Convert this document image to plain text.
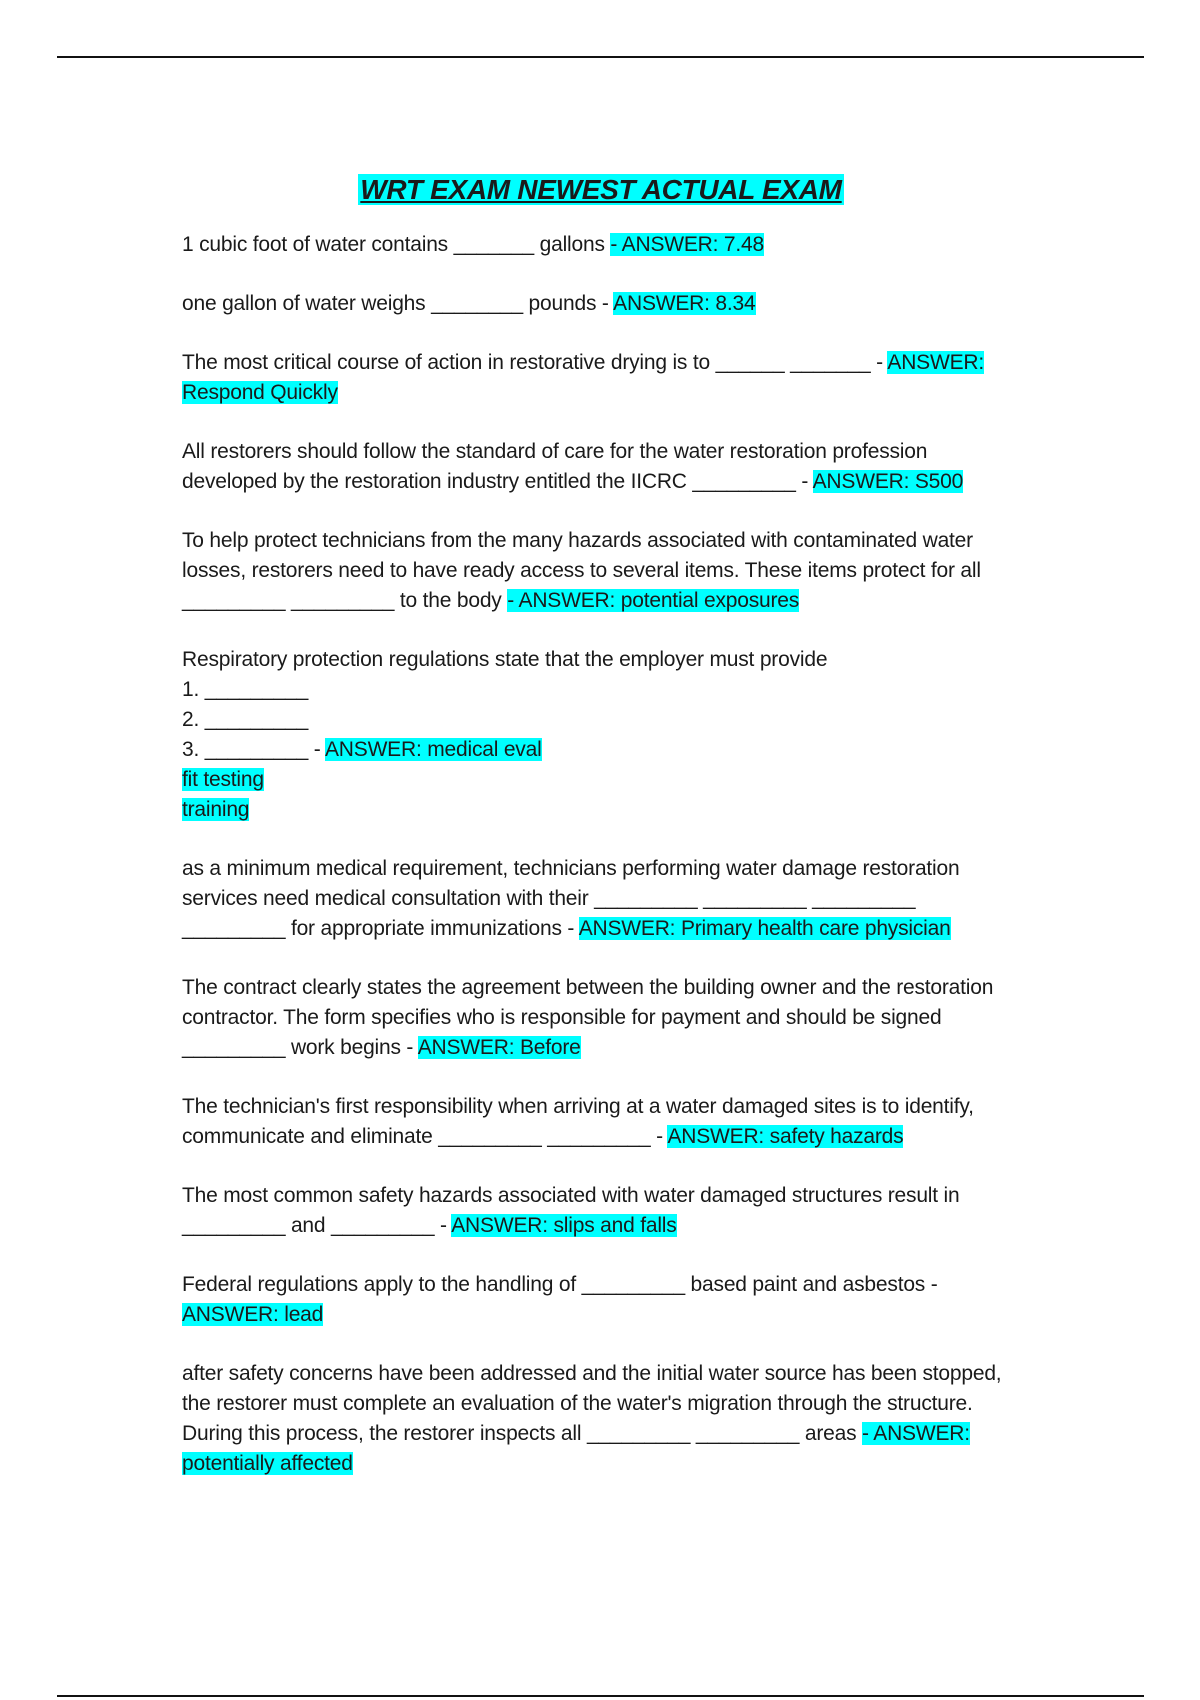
WRT EXAM NEWEST ACTUAL EXAM

1 cubic foot of water contains _______ gallons - ANSWER: 7.48

one gallon of water weighs ________ pounds - ANSWER: 8.34

The most critical course of action in restorative drying is to ______ _______ - ANSWER: Respond Quickly

All restorers should follow the standard of care for the water restoration profession developed by the restoration industry entitled the IICRC _________ - ANSWER: S500

To help protect technicians from the many hazards associated with contaminated water losses, restorers need to have ready access to several items. These items protect for all _________ _________ to the body - ANSWER: potential exposures

Respiratory protection regulations state that the employer must provide
1. _________
2. _________
3. _________ - ANSWER: medical eval
fit testing
training

as a minimum medical requirement, technicians performing water damage restoration services need medical consultation with their _________ _________ _________ _________ for appropriate immunizations - ANSWER: Primary health care physician

The contract clearly states the agreement between the building owner and the restoration contractor. The form specifies who is responsible for payment and should be signed _________ work begins - ANSWER: Before

The technician's first responsibility when arriving at a water damaged sites is to identify, communicate and eliminate _________ _________ - ANSWER: safety hazards

The most common safety hazards associated with water damaged structures result in _________ and _________ - ANSWER: slips and falls

Federal regulations apply to the handling of _________ based paint and asbestos - ANSWER: lead

after safety concerns have been addressed and the initial water source has been stopped, the restorer must complete an evaluation of the water's migration through the structure. During this process, the restorer inspects all _________ _________ areas - ANSWER: potentially affected
